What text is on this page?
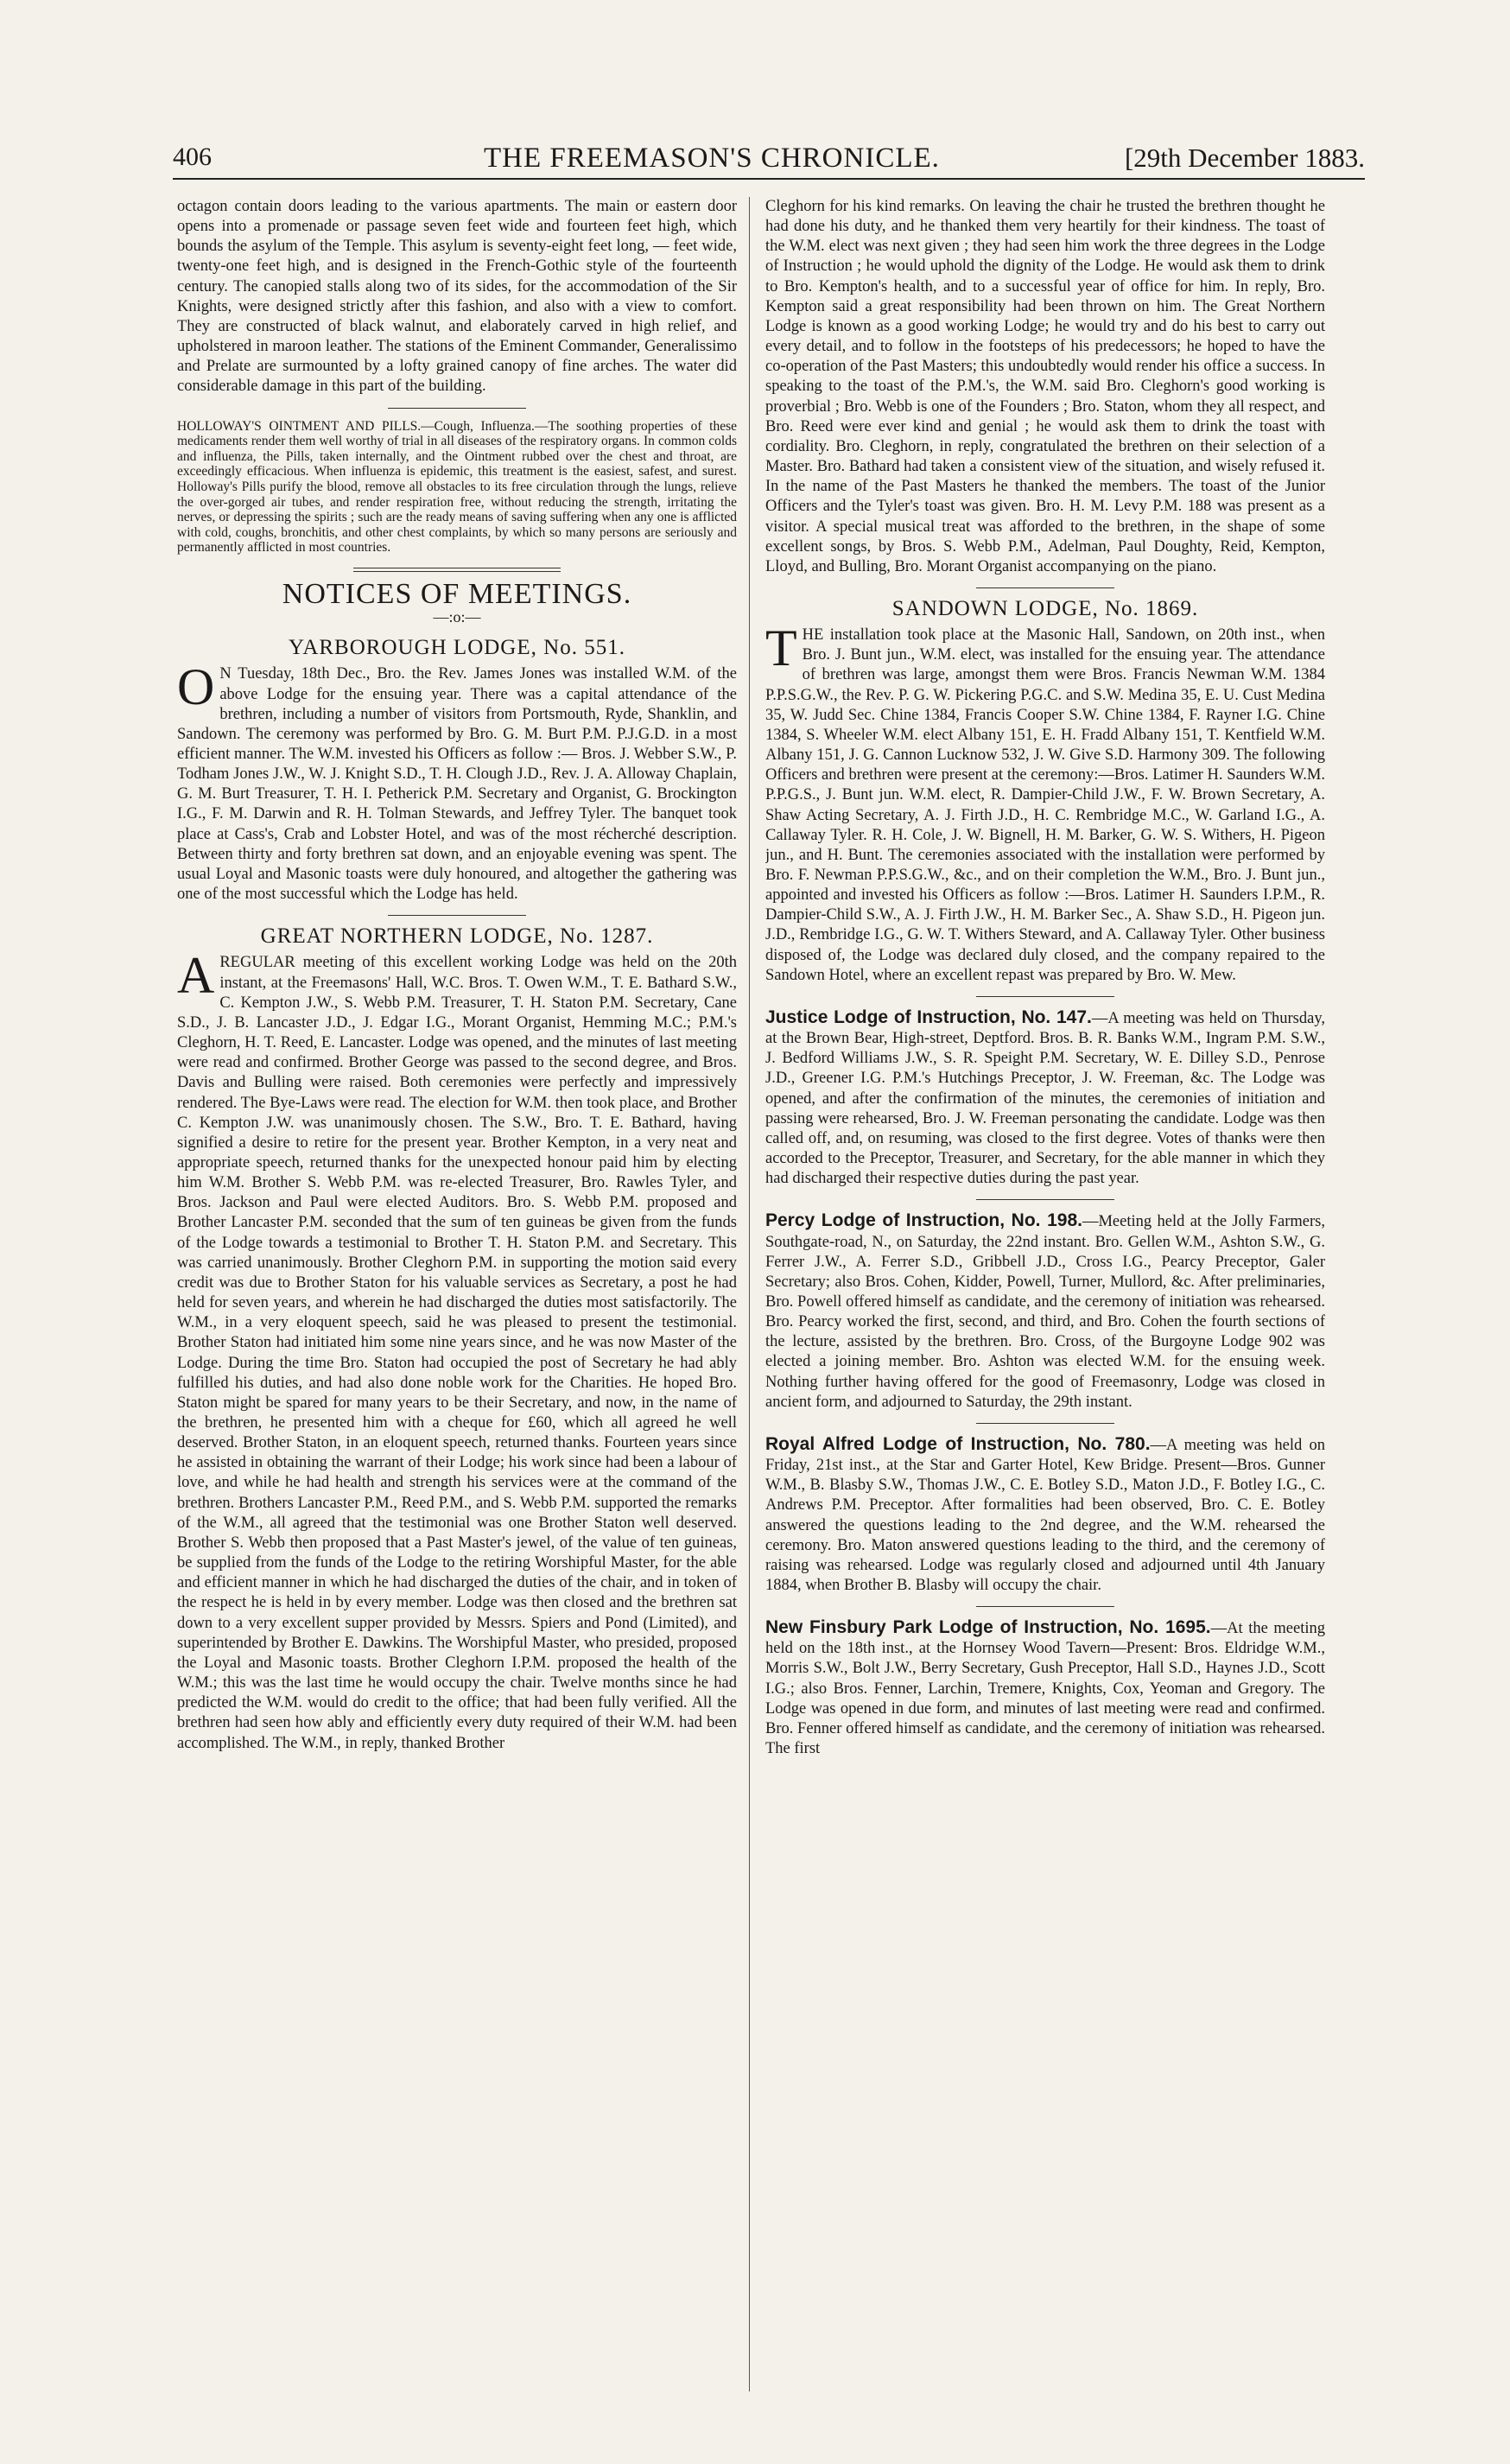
406	THE FREEMASON'S CHRONICLE.	[29th December 1883.

octagon contain doors leading to the various apartments. The main or eastern door opens into a promenade or passage seven feet wide and fourteen feet high, which bounds the asylum of the Temple. This asylum is seventy-eight feet long, — feet wide, twenty-one feet high, and is designed in the French-Gothic style of the fourteenth century. The canopied stalls along two of its sides, for the accommodation of the Sir Knights, were designed strictly after this fashion, and also with a view to comfort. They are constructed of black walnut, and elaborately carved in high relief, and upholstered in maroon leather. The stations of the Eminent Commander, Generalissimo and Prelate are surmounted by a lofty grained canopy of fine arches. The water did considerable damage in this part of the building.

HOLLOWAY'S OINTMENT AND PILLS.—Cough, Influenza.—The soothing properties of these medicaments render them well worthy of trial in all diseases of the respiratory organs. In common colds and influenza, the Pills, taken internally, and the Ointment rubbed over the chest and throat, are exceedingly efficacious. When influenza is epidemic, this treatment is the easiest, safest, and surest. Holloway's Pills purify the blood, remove all obstacles to its free circulation through the lungs, relieve the over-gorged air tubes, and render respiration free, without reducing the strength, irritating the nerves, or depressing the spirits ; such are the ready means of saving suffering when any one is afflicted with cold, coughs, bronchitis, and other chest complaints, by which so many persons are seriously and permanently afflicted in most countries.

NOTICES OF MEETINGS.
—:o:—
YARBOROUGH LODGE, No. 551.

O N Tuesday, 18th Dec., Bro. the Rev. James Jones was installed W.M. of the above Lodge for the ensuing year. There was a capital attendance of the brethren, including a number of visitors from Portsmouth, Ryde, Shanklin, and Sandown. The ceremony was performed by Bro. G. M. Burt P.M. P.J.G.D. in a most efficient manner. The W.M. invested his Officers as follow :— Bros. J. Webber S.W., P. Todham Jones J.W., W. J. Knight S.D., T. H. Clough J.D., Rev. J. A. Alloway Chaplain, G. M. Burt Treasurer, T. H. I. Petherick P.M. Secretary and Organist, G. Brockington I.G., F. M. Darwin and R. H. Tolman Stewards, and Jeffrey Tyler. The banquet took place at Cass's, Crab and Lobster Hotel, and was of the most récherché description. Between thirty and forty brethren sat down, and an enjoyable evening was spent. The usual Loyal and Masonic toasts were duly honoured, and altogether the gathering was one of the most successful which the Lodge has held.

GREAT NORTHERN LODGE, No. 1287.

AREGULAR meeting of this excellent working Lodge was held on the 20th instant, at the Freemasons' Hall, W.C. Bros. T. Owen W.M., T. E. Bathard S.W., C. Kempton J.W., S. Webb P.M. Treasurer, T. H. Staton P.M. Secretary, Cane S.D., J. B. Lancaster J.D., J. Edgar I.G., Morant Organist, Hemming M.C.; P.M.'s Cleghorn, H. T. Reed, E. Lancaster. Lodge was opened, and the minutes of last meeting were read and confirmed. Brother George was passed to the second degree, and Bros. Davis and Bulling were raised. Both ceremonies were perfectly and impressively rendered. The Bye-Laws were read. The election for W.M. then took place, and Brother C. Kempton J.W. was unanimously chosen. The S.W., Bro. T. E. Bathard, having signified a desire to retire for the present year. Brother Kempton, in a very neat and appropriate speech, returned thanks for the unexpected honour paid him by electing him W.M. Brother S. Webb P.M. was re-elected Treasurer, Bro. Rawles Tyler, and Bros. Jackson and Paul were elected Auditors. Bro. S. Webb P.M. proposed and Brother Lancaster P.M. seconded that the sum of ten guineas be given from the funds of the Lodge towards a testimonial to Brother T. H. Staton P.M. and Secretary. This was carried unanimously. Brother Cleghorn P.M. in supporting the motion said every credit was due to Brother Staton for his valuable services as Secretary, a post he had held for seven years, and wherein he had discharged the duties most satisfactorily. The W.M., in a very eloquent speech, said he was pleased to present the testimonial. Brother Staton had initiated him some nine years since, and he was now Master of the Lodge. During the time Bro. Staton had occupied the post of Secretary he had ably fulfilled his duties, and had also done noble work for the Charities. He hoped Bro. Staton might be spared for many years to be their Secretary, and now, in the name of the brethren, he presented him with a cheque for £60, which all agreed he well deserved. Brother Staton, in an eloquent speech, returned thanks. Fourteen years since he assisted in obtaining the warrant of their Lodge; his work since had been a labour of love, and while he had health and strength his services were at the command of the brethren. Brothers Lancaster P.M., Reed P.M., and S. Webb P.M. supported the remarks of the W.M., all agreed that the testimonial was one Brother Staton well deserved. Brother S. Webb then proposed that a Past Master's jewel, of the value of ten guineas, be supplied from the funds of the Lodge to the retiring Worshipful Master, for the able and efficient manner in which he had discharged the duties of the chair, and in token of the respect he is held in by every member. Lodge was then closed and the brethren sat down to a very excellent supper provided by Messrs. Spiers and Pond (Limited), and superintended by Brother E. Dawkins. The Worshipful Master, who presided, proposed the Loyal and Masonic toasts. Brother Cleghorn I.P.M. proposed the health of the W.M.; this was the last time he would occupy the chair. Twelve months since he had predicted the W.M. would do credit to the office; that had been fully verified. All the brethren had seen how ably and efficiently every duty required of their W.M. had been accomplished. The W.M., in reply, thanked Brother

Cleghorn for his kind remarks. On leaving the chair he trusted the brethren thought he had done his duty, and he thanked them very heartily for their kindness. The toast of the W.M. elect was next given ; they had seen him work the three degrees in the Lodge of Instruction ; he would uphold the dignity of the Lodge. He would ask them to drink to Bro. Kempton's health, and to a successful year of office for him. In reply, Bro. Kempton said a great responsibility had been thrown on him. The Great Northern Lodge is known as a good working Lodge; he would try and do his best to carry out every detail, and to follow in the footsteps of his predecessors; he hoped to have the co-operation of the Past Masters; this undoubtedly would render his office a success. In speaking to the toast of the P.M.'s, the W.M. said Bro. Cleghorn's good working is proverbial ; Bro. Webb is one of the Founders ; Bro. Staton, whom they all respect, and Bro. Reed were ever kind and genial ; he would ask them to drink the toast with cordiality. Bro. Cleghorn, in reply, congratulated the brethren on their selection of a Master. Bro. Bathard had taken a consistent view of the situation, and wisely refused it. In the name of the Past Masters he thanked the members. The toast of the Junior Officers and the Tyler's toast was given. Bro. H. M. Levy P.M. 188 was present as a visitor. A special musical treat was afforded to the brethren, in the shape of some excellent songs, by Bros. S. Webb P.M., Adelman, Paul Doughty, Reid, Kempton, Lloyd, and Bulling, Bro. Morant Organist accompanying on the piano.

SANDOWN LODGE, No. 1869.

THE installation took place at the Masonic Hall, Sandown, on 20th inst., when Bro. J. Bunt jun., W.M. elect, was installed for the ensuing year. The attendance of brethren was large, amongst them were Bros. Francis Newman W.M. 1384 P.P.S.G.W., the Rev. P. G. W. Pickering P.G.C. and S.W. Medina 35, E. U. Cust Medina 35, W. Judd Sec. Chine 1384, Francis Cooper S.W. Chine 1384, F. Rayner I.G. Chine 1384, S. Wheeler W.M. elect Albany 151, E. H. Fradd Albany 151, T. Kentfield W.M. Albany 151, J. G. Cannon Lucknow 532, J. W. Give S.D. Harmony 309. The following Officers and brethren were present at the ceremony:—Bros. Latimer H. Saunders W.M. P.P.G.S., J. Bunt jun. W.M. elect, R. Dampier-Child J.W., F. W. Brown Secretary, A. Shaw Acting Secretary, A. J. Firth J.D., H. C. Rembridge M.C., W. Garland I.G., A. Callaway Tyler. R. H. Cole, J. W. Bignell, H. M. Barker, G. W. S. Withers, H. Pigeon jun., and H. Bunt. The ceremonies associated with the installation were performed by Bro. F. Newman P.P.S.G.W., &c., and on their completion the W.M., Bro. J. Bunt jun., appointed and invested his Officers as follow :—Bros. Latimer H. Saunders I.P.M., R. Dampier-Child S.W., A. J. Firth J.W., H. M. Barker Sec., A. Shaw S.D., H. Pigeon jun. J.D., Rembridge I.G., G. W. T. Withers Steward, and A. Callaway Tyler. Other business disposed of, the Lodge was declared duly closed, and the company repaired to the Sandown Hotel, where an excellent repast was prepared by Bro. W. Mew.

Justice Lodge of Instruction, No. 147.—A meeting was held on Thursday, at the Brown Bear, High-street, Deptford. Bros. B. R. Banks W.M., Ingram P.M. S.W., J. Bedford Williams J.W., S. R. Speight P.M. Secretary, W. E. Dilley S.D., Penrose J.D., Greener I.G. P.M.'s Hutchings Preceptor, J. W. Freeman, &c. The Lodge was opened, and after the confirmation of the minutes, the ceremonies of initiation and passing were rehearsed, Bro. J. W. Freeman personating the candidate. Lodge was then called off, and, on resuming, was closed to the first degree. Votes of thanks were then accorded to the Preceptor, Treasurer, and Secretary, for the able manner in which they had discharged their respective duties during the past year.

Percy Lodge of Instruction, No. 198.—Meeting held at the Jolly Farmers, Southgate-road, N., on Saturday, the 22nd instant. Bro. Gellen W.M., Ashton S.W., G. Ferrer J.W., A. Ferrer S.D., Gribbell J.D., Cross I.G., Pearcy Preceptor, Galer Secretary; also Bros. Cohen, Kidder, Powell, Turner, Mullord, &c. After preliminaries, Bro. Powell offered himself as candidate, and the ceremony of initiation was rehearsed. Bro. Pearcy worked the first, second, and third, and Bro. Cohen the fourth sections of the lecture, assisted by the brethren. Bro. Cross, of the Burgoyne Lodge 902 was elected a joining member. Bro. Ashton was elected W.M. for the ensuing week. Nothing further having offered for the good of Freemasonry, Lodge was closed in ancient form, and adjourned to Saturday, the 29th instant.

Royal Alfred Lodge of Instruction, No. 780.—A meeting was held on Friday, 21st inst., at the Star and Garter Hotel, Kew Bridge. Present—Bros. Gunner W.M., B. Blasby S.W., Thomas J.W., C. E. Botley S.D., Maton J.D., F. Botley I.G., C. Andrews P.M. Preceptor. After formalities had been observed, Bro. C. E. Botley answered the questions leading to the 2nd degree, and the W.M. rehearsed the ceremony. Bro. Maton answered questions leading to the third, and the ceremony of raising was rehearsed. Lodge was regularly closed and adjourned until 4th January 1884, when Brother B. Blasby will occupy the chair.

New Finsbury Park Lodge of Instruction, No. 1695.—At the meeting held on the 18th inst., at the Hornsey Wood Tavern—Present: Bros. Eldridge W.M., Morris S.W., Bolt J.W., Berry Secretary, Gush Preceptor, Hall S.D., Haynes J.D., Scott I.G.; also Bros. Fenner, Larchin, Tremere, Knights, Cox, Yeoman and Gregory. The Lodge was opened in due form, and minutes of last meeting were read and confirmed. Bro. Fenner offered himself as candidate, and the ceremony of initiation was rehearsed. The first
